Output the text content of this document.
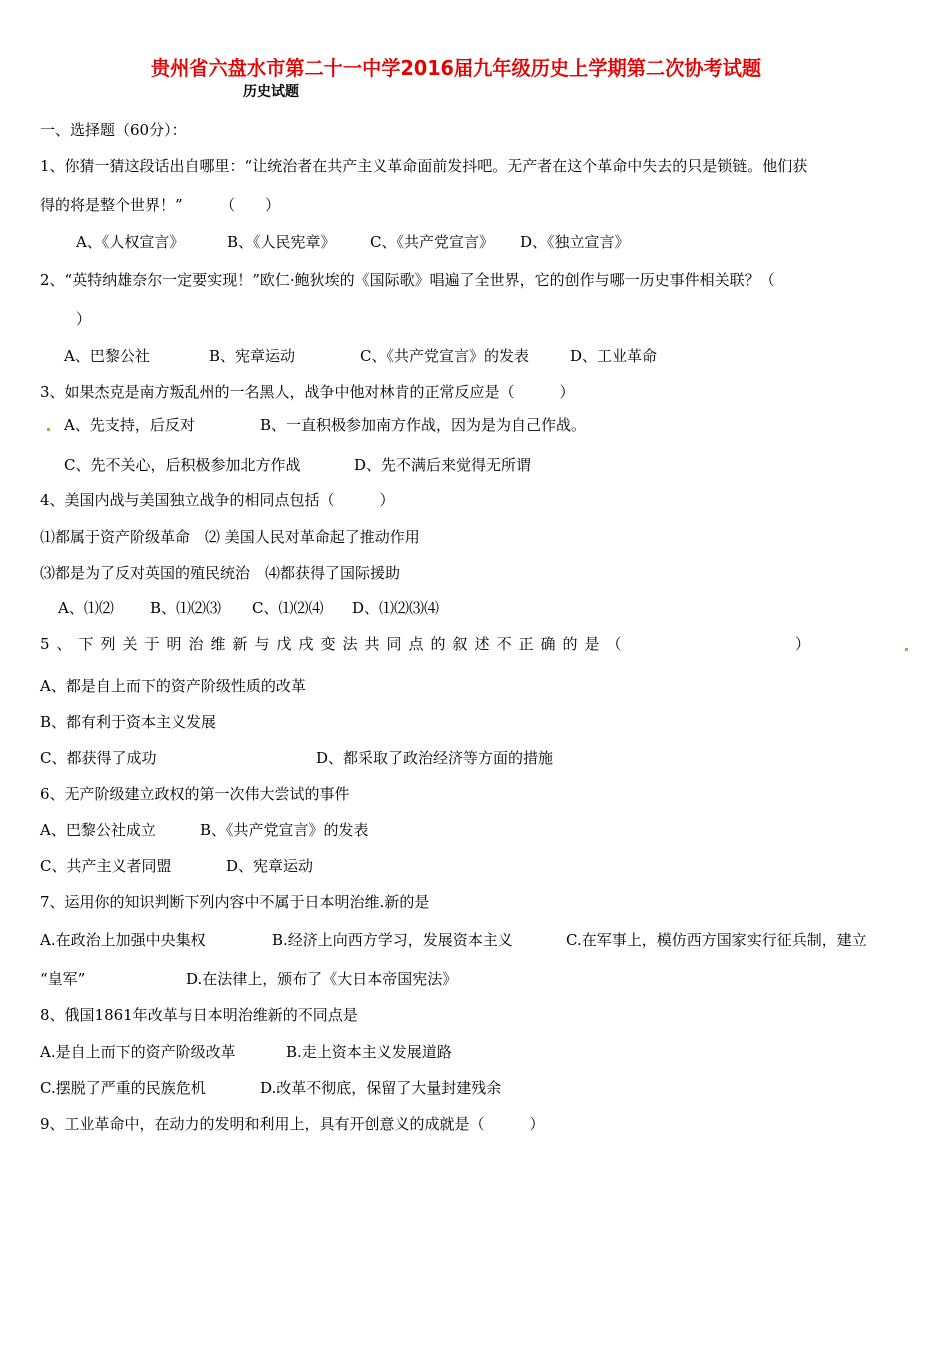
贵州省六盘水市第二十一中学2016届九年级历史上学期第二次协考试题
历史试题
一、选择题（60分）：
1、你猜一猜这段话出自哪里：“让统治者在共产主义革命面前发抖吧。无产者在这个革命中失去的只是锁链。他们获
得的将是整个世界！”　　　（　　）
A、《人权宣言》	B、《人民宪章》 C、《共产党宣言》 D、《独立宣言》
2、“英特纳雄奈尔一定要实现！”欧仁·鲍狄埃的《国际歌》唱遍了全世界，它的创作与哪一历史事件相关联？（
）
A、巴黎公社	B、宪章运动	C、《共产党宣言》的发表	D、工业革命
3、如果杰克是南方叛乱州的一名黑人，战争中他对林肯的正常反应是（　　　）
A、先支持，后反对	B、一直积极参加南方作战，因为是为自己作战。
C、先不关心，后积极参加北方作战	D、先不满后来觉得无所谓
4、美国内战与美国独立战争的相同点包括（　　　）
⑴都属于资产阶级革命　⑵ 美国人民对革命起了推动作用
⑶都是为了反对英国的殖民统治　⑷都获得了国际援助
A、⑴⑵ B、⑴⑵⑶ C、⑴⑵⑷ D、⑴⑵⑶⑷
5、下列关于明治维新与戊戌变法共同点的叙述不正确的是（	）
A、都是自上而下的资产阶级性质的改革
B、都有利于资本主义发展
C、都获得了成功	D、都采取了政治经济等方面的措施
6、无产阶级建立政权的第一次伟大尝试的事件
A、巴黎公社成立	B、《共产党宣言》的发表
C、共产主义者同盟	D、宪章运动
7、运用你的知识判断下列内容中不属于日本明治维.新的是
A.在政治上加强中央集权	B.经济上向西方学习，发展资本主义	C.在军事上，模仿西方国家实行征兵制，建立
“皇军”	D.在法律上，颁布了《大日本帝国宪法》
8、俄国1861年改革与日本明治维新的不同点是
A.是自上而下的资产阶级改革	B.走上资本主义发展道路
C.摆脱了严重的民族危机	D.改革不彻底，保留了大量封建残余
9、工业革命中，在动力的发明和利用上，具有开创意义的成就是（　　　）
